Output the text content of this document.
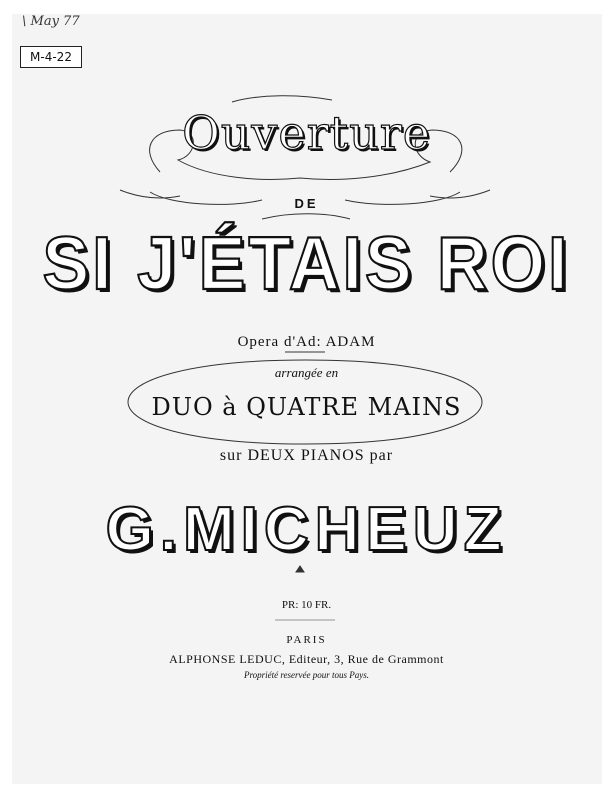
\ May 77
M-4-22
Ouverture
DE
SI J'ÉTAIS ROI
Opera d'Ad: ADAM
arrangée en
DUO à QUATRE MAINS
sur DEUX PIANOS par
G.MICHEUZ
PR: 10 FR.
PARIS
ALPHONSE LEDUC, Editeur, 3, Rue de Grammont
Propriété reservée pour tous Pays.
